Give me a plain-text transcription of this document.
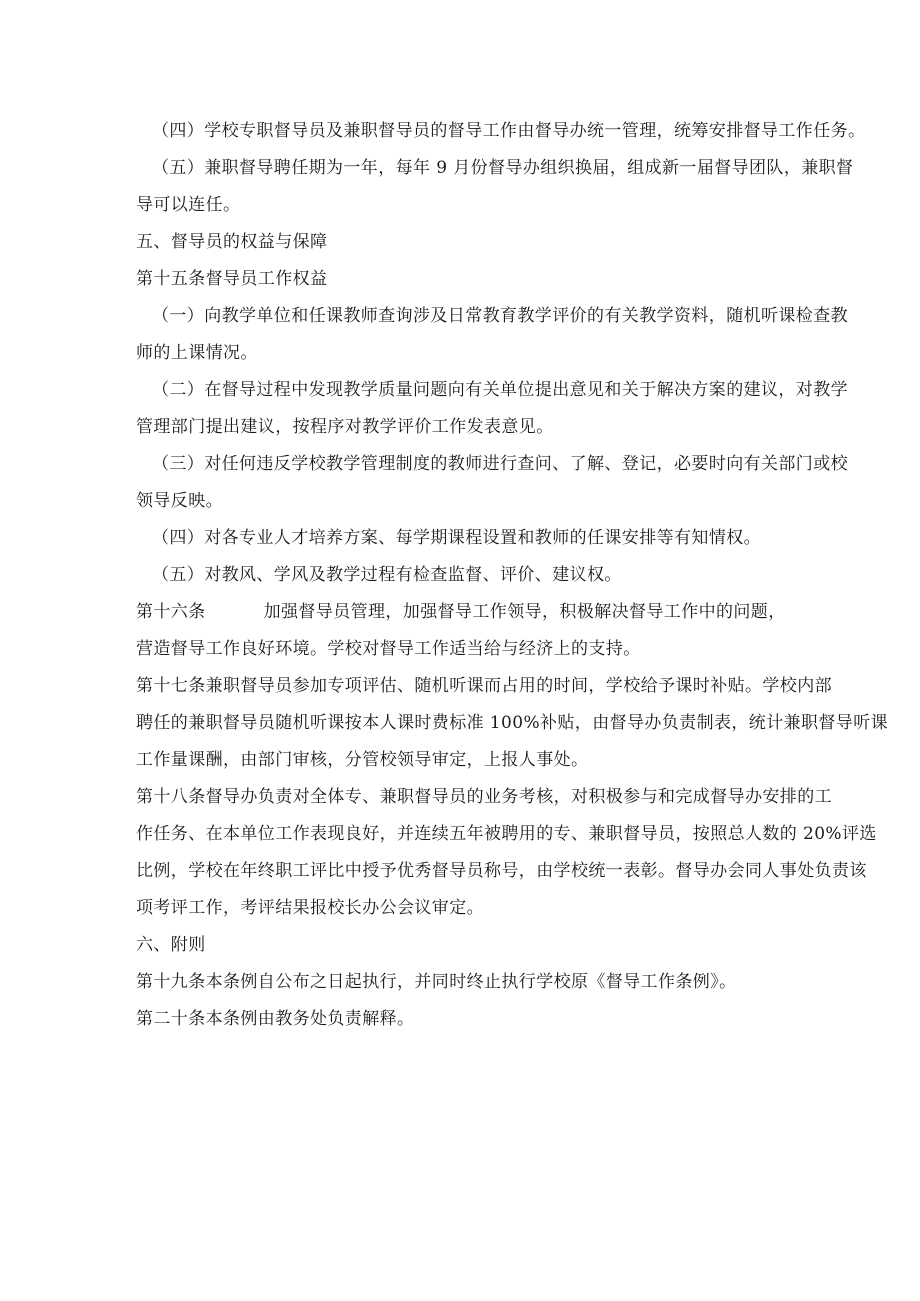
（四）学校专职督导员及兼职督导员的督导工作由督导办统一管理，统筹安排督导工作任务。
（五）兼职督导聘任期为一年，每年 9 月份督导办组织换届，组成新一届督导团队，兼职督
导可以连任。
五、督导员的权益与保障
第十五条督导员工作权益
（一）向教学单位和任课教师查询涉及日常教育教学评价的有关教学资料，随机听课检查教
师的上课情况。
（二）在督导过程中发现教学质量问题向有关单位提出意见和关于解决方案的建议，对教学
管理部门提出建议，按程序对教学评价工作发表意见。
（三）对任何违反学校教学管理制度的教师进行查问、了解、登记，必要时向有关部门或校
领导反映。
（四）对各专业人才培养方案、每学期课程设置和教师的任课安排等有知情权。
（五）对教风、学风及教学过程有检查监督、评价、建议权。
第十六条	加强督导员管理，加强督导工作领导，积极解决督导工作中的问题，
营造督导工作良好环境。学校对督导工作适当给与经济上的支持。
第十七条兼职督导员参加专项评估、随机听课而占用的时间，学校给予课时补贴。学校内部
聘任的兼职督导员随机听课按本人课时费标准 100%补贴，由督导办负责制表，统计兼职督导听课
工作量课酬，由部门审核，分管校领导审定，上报人事处。
第十八条督导办负责对全体专、兼职督导员的业务考核，对积极参与和完成督导办安排的工
作任务、在本单位工作表现良好，并连续五年被聘用的专、兼职督导员，按照总人数的 20%评选
比例，学校在年终职工评比中授予优秀督导员称号，由学校统一表彰。督导办会同人事处负责该
项考评工作，考评结果报校长办公会议审定。
六、附则
第十九条本条例自公布之日起执行，并同时终止执行学校原《督导工作条例》。
第二十条本条例由教务处负责解释。
